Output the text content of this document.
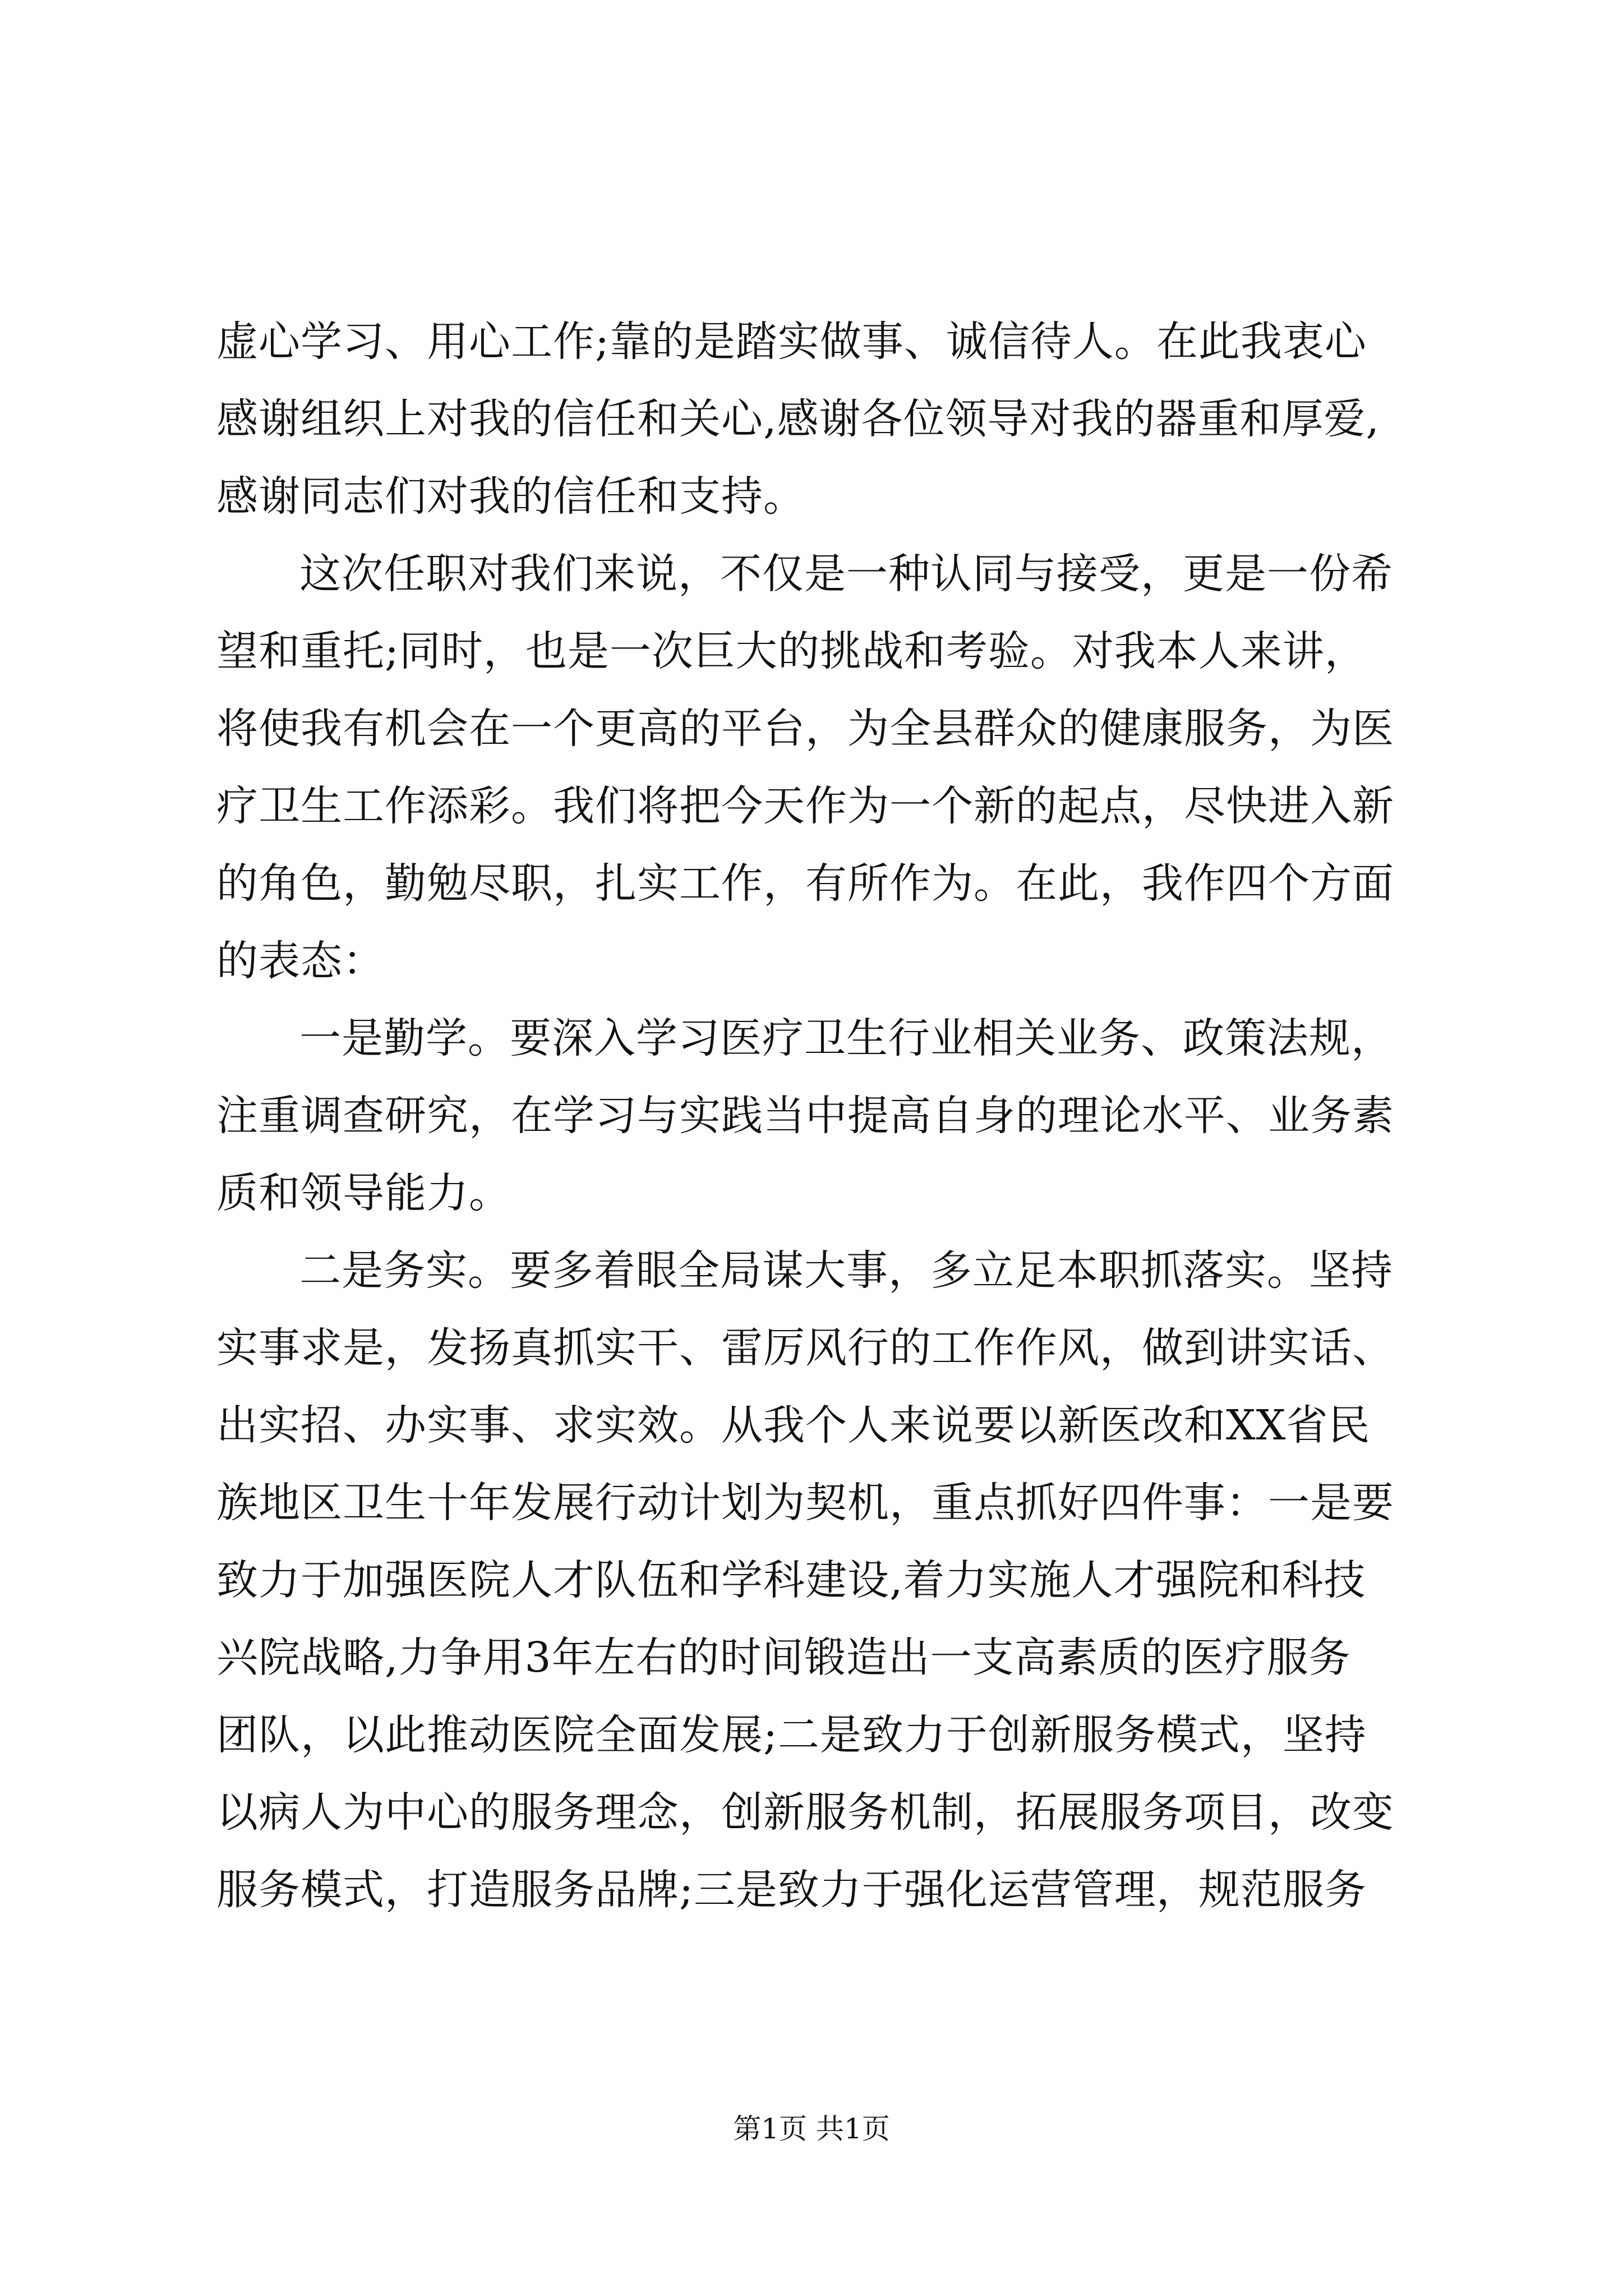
虚心学习、用心工作;靠的是踏实做事、诚信待人。在此我衷心
感谢组织上对我的信任和关心,感谢各位领导对我的器重和厚爱,
感谢同志们对我的信任和支持。
这次任职对我们来说，不仅是一种认同与接受，更是一份希
望和重托;同时，也是一次巨大的挑战和考验。对我本人来讲，
将使我有机会在一个更高的平台，为全县群众的健康服务，为医
疗卫生工作添彩。我们将把今天作为一个新的起点，尽快进入新
的角色，勤勉尽职，扎实工作，有所作为。在此，我作四个方面
的表态：
一是勤学。要深入学习医疗卫生行业相关业务、政策法规，
注重调查研究，在学习与实践当中提高自身的理论水平、业务素
质和领导能力。
二是务实。要多着眼全局谋大事，多立足本职抓落实。坚持
实事求是，发扬真抓实干、雷厉风行的工作作风，做到讲实话、
出实招、办实事、求实效。从我个人来说要以新医改和XX省民
族地区卫生十年发展行动计划为契机，重点抓好四件事：一是要
致力于加强医院人才队伍和学科建设,着力实施人才强院和科技
兴院战略,力争用3年左右的时间锻造出一支高素质的医疗服务
团队，以此推动医院全面发展;二是致力于创新服务模式，坚持
以病人为中心的服务理念，创新服务机制，拓展服务项目，改变
服务模式，打造服务品牌;三是致力于强化运营管理，规范服务
第1页 共1页
